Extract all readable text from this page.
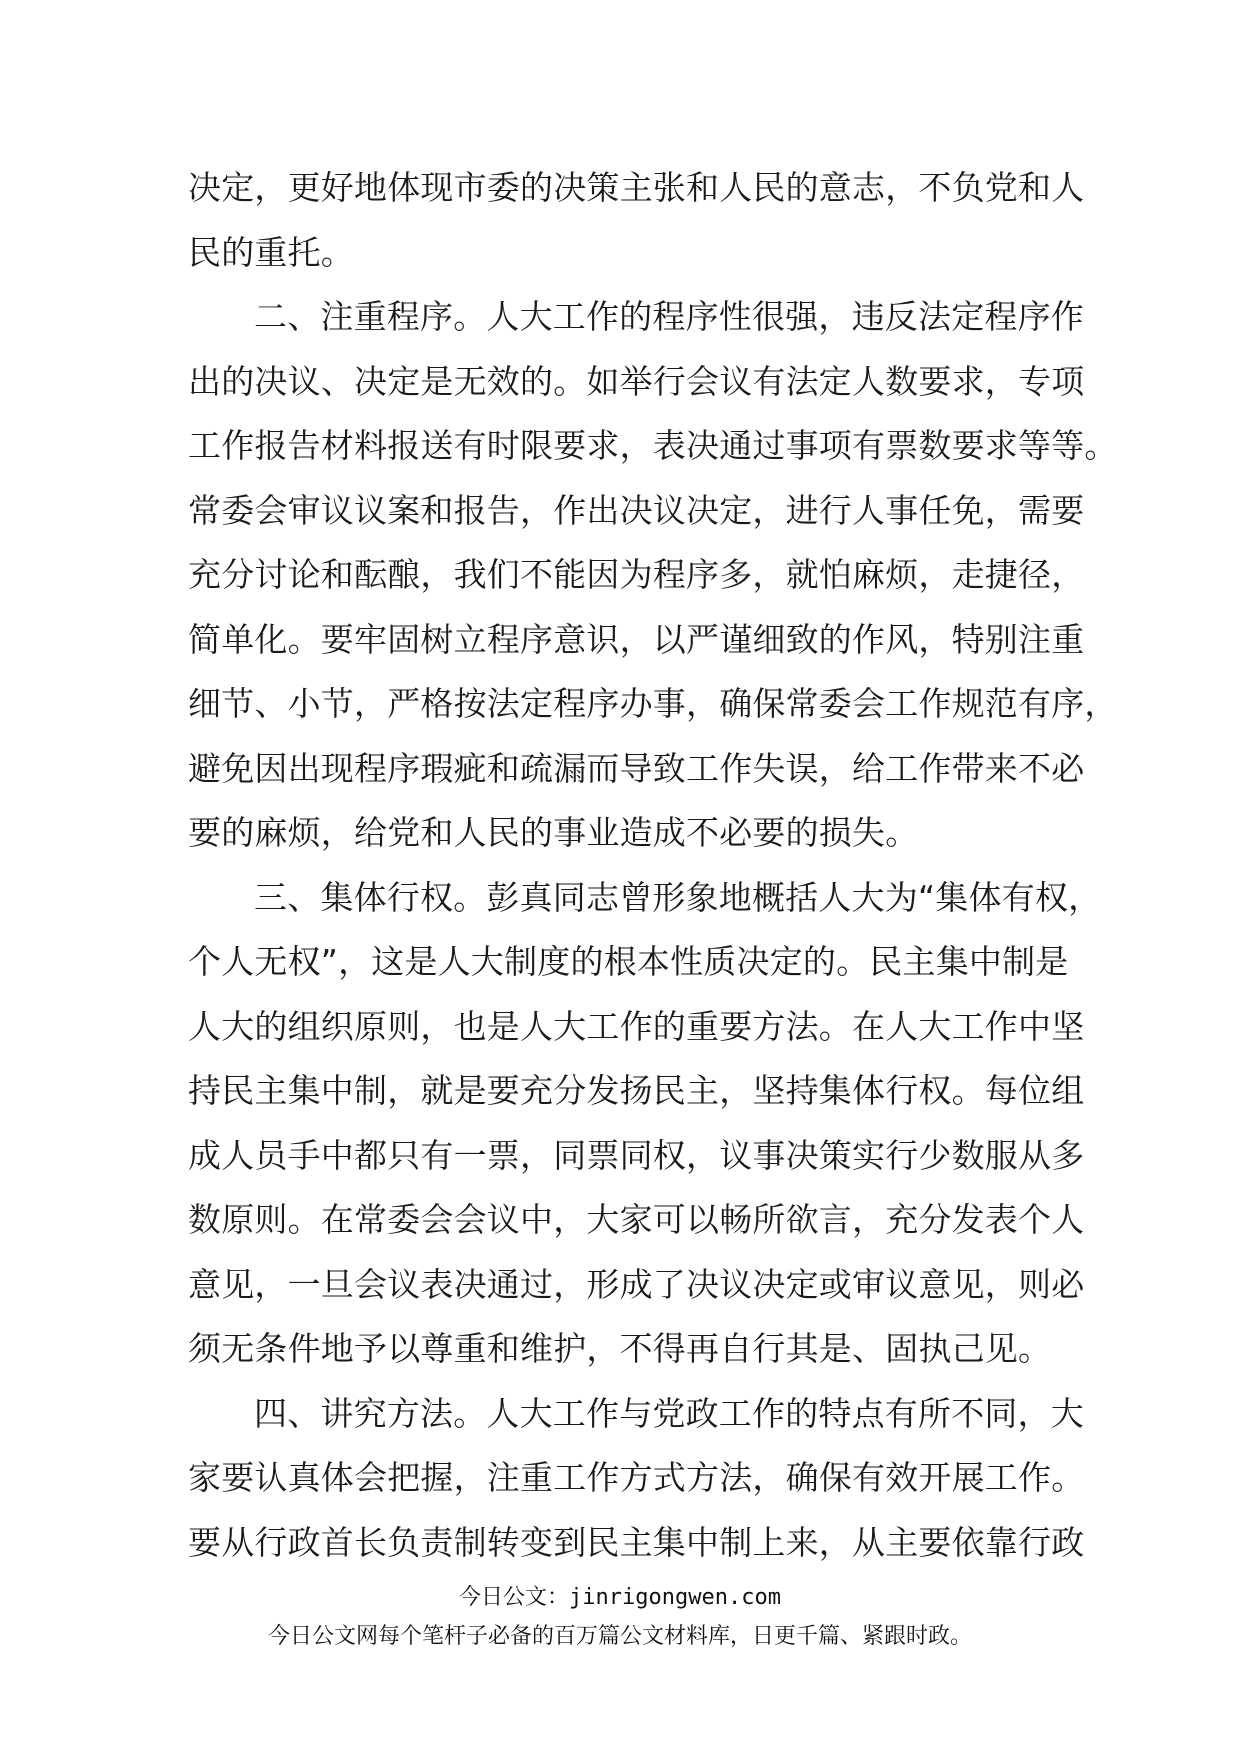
决定，更好地体现市委的决策主张和人民的意志，不负党和人
民的重托。
二、注重程序。人大工作的程序性很强，违反法定程序作
出的决议、决定是无效的。如举行会议有法定人数要求，专项
工作报告材料报送有时限要求，表决通过事项有票数要求等等。
常委会审议议案和报告，作出决议决定，进行人事任免，需要
充分讨论和酝酿，我们不能因为程序多，就怕麻烦，走捷径，
简单化。要牢固树立程序意识，以严谨细致的作风，特别注重
细节、小节，严格按法定程序办事，确保常委会工作规范有序，
避免因出现程序瑕疵和疏漏而导致工作失误，给工作带来不必
要的麻烦，给党和人民的事业造成不必要的损失。
三、集体行权。彭真同志曾形象地概括人大为“集体有权，
个人无权”，这是人大制度的根本性质决定的。民主集中制是
人大的组织原则，也是人大工作的重要方法。在人大工作中坚
持民主集中制，就是要充分发扬民主，坚持集体行权。每位组
成人员手中都只有一票，同票同权，议事决策实行少数服从多
数原则。在常委会会议中，大家可以畅所欲言，充分发表个人
意见，一旦会议表决通过，形成了决议决定或审议意见，则必
须无条件地予以尊重和维护，不得再自行其是、固执己见。
四、讲究方法。人大工作与党政工作的特点有所不同，大
家要认真体会把握，注重工作方式方法，确保有效开展工作。
要从行政首长负责制转变到民主集中制上来，从主要依靠行政
今日公文：jinrigongwen.com
今日公文网每个笔杆子必备的百万篇公文材料库，日更千篇、紧跟时政。
